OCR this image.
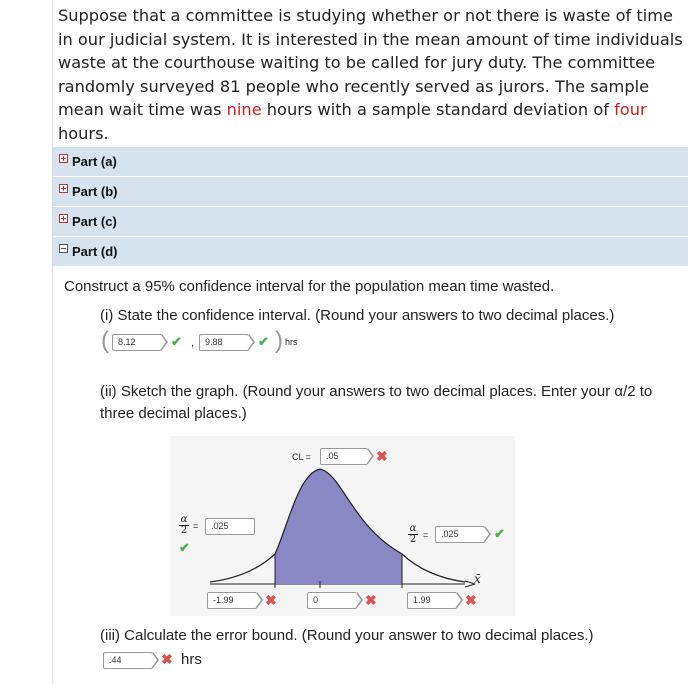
Suppose that a committee is studying whether or not there is waste of time in our judicial system. It is interested in the mean amount of time individuals waste at the courthouse waiting to be called for jury duty. The committee randomly surveyed 81 people who recently served as jurors. The sample mean wait time was nine hours with a sample standard deviation of four hours.
Part (a)
Part (b)
Part (c)
Part (d)
Construct a 95% confidence interval for the population mean time wasted.
(i) State the confidence interval. (Round your answers to two decimal places.)
(	8.12	✔ ,	9.88	✔ ) hrs
(ii) Sketch the graph. (Round your answers to two decimal places. Enter your α/2 to three decimal places.)
CL =	.05	✖
$\frac{\alpha}{2}$ =	.025
✔
$\frac{\alpha}{2}$ =	.025	✔
x̄
-1.99	✖	0	✖	1.99	✖
(iii) Calculate the error bound. (Round your answer to two decimal places.)
.44	✖ hrs
